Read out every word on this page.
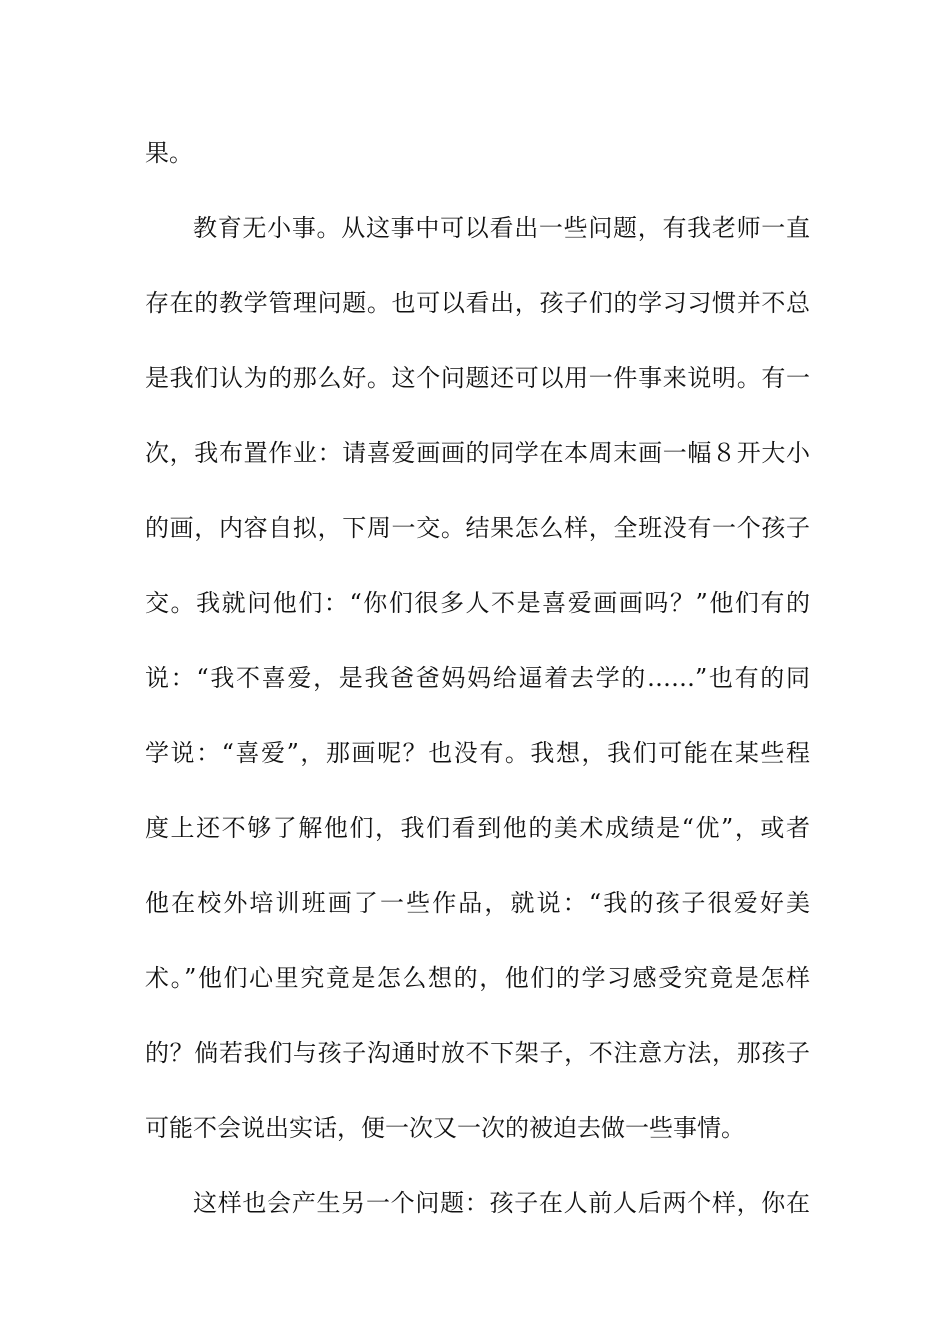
果。
教育无小事。从这事中可以看出一些问题，有我老师一直
存在的教学管理问题。也可以看出，孩子们的学习习惯并不总
是我们认为的那么好。这个问题还可以用一件事来说明。有一
次，我布置作业：请喜爱画画的同学在本周末画一幅８开大小
的画，内容自拟，下周一交。结果怎么样，全班没有一个孩子
交。我就问他们：“你们很多人不是喜爱画画吗？”他们有的
说：“我不喜爱，是我爸爸妈妈给逼着去学的……”也有的同
学说：“喜爱”，那画呢？也没有。我想，我们可能在某些程
度上还不够了解他们，我们看到他的美术成绩是“优”，或者
他在校外培训班画了一些作品，就说：“我的孩子很爱好美
术。”他们心里究竟是怎么想的，他们的学习感受究竟是怎样
的？倘若我们与孩子沟通时放不下架子，不注意方法，那孩子
可能不会说出实话，便一次又一次的被迫去做一些事情。
这样也会产生另一个问题：孩子在人前人后两个样，你在
